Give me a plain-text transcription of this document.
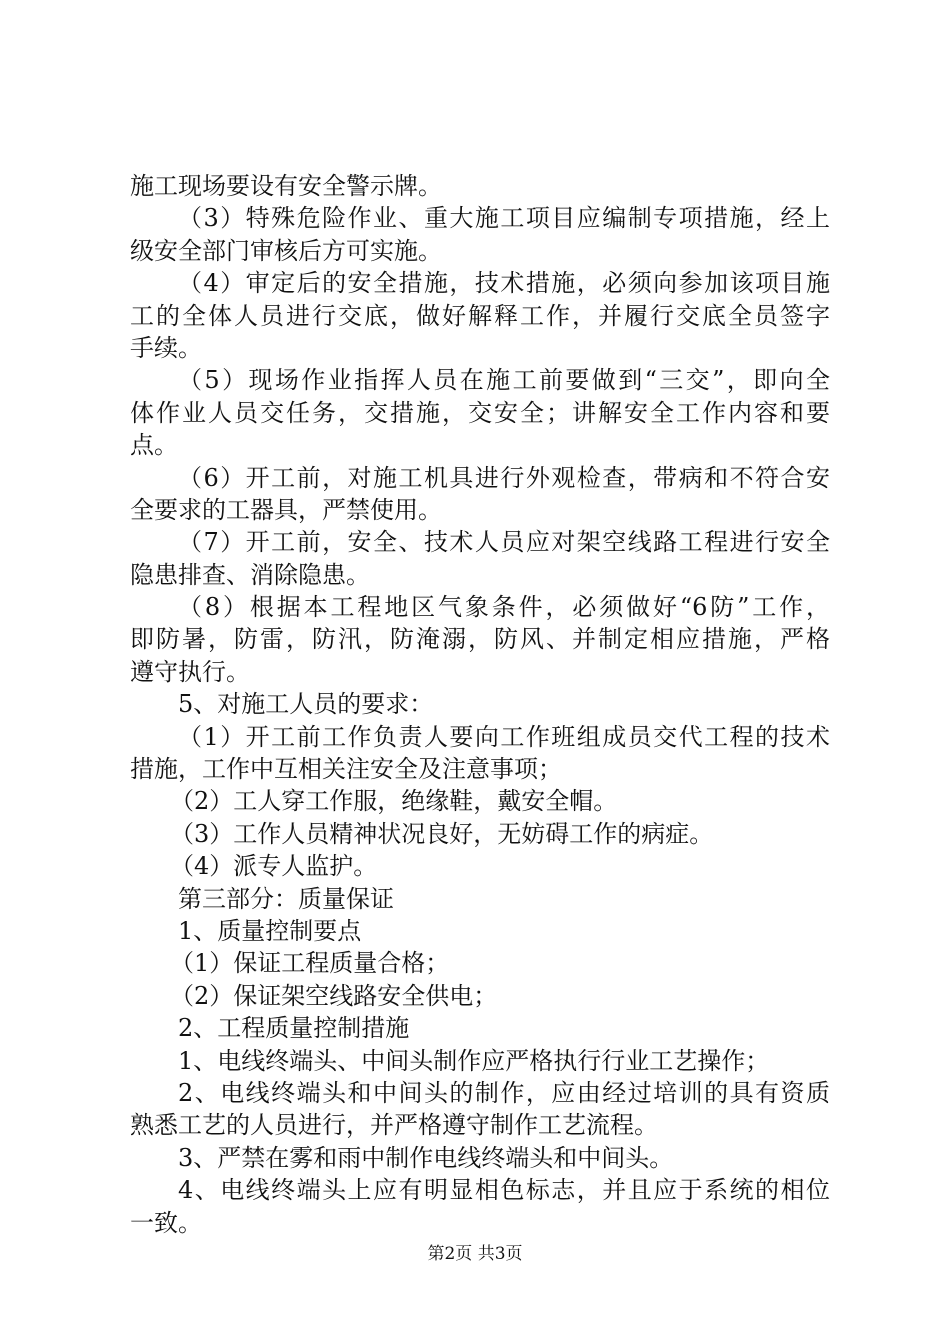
施工现场要设有安全警示牌。
（3）特殊危险作业、重大施工项目应编制专项措施，经上
级安全部门审核后方可实施。
（4）审定后的安全措施，技术措施，必须向参加该项目施
工的全体人员进行交底，做好解释工作，并履行交底全员签字
手续。
（5）现场作业指挥人员在施工前要做到“三交”，即向全
体作业人员交任务，交措施，交安全；讲解安全工作内容和要
点。
（6）开工前，对施工机具进行外观检查，带病和不符合安
全要求的工器具，严禁使用。
（7）开工前，安全、技术人员应对架空线路工程进行安全
隐患排查、消除隐患。
（8）根据本工程地区气象条件，必须做好“6防”工作，
即防暑，防雷，防汛，防淹溺，防风、并制定相应措施，严格
遵守执行。
5、对施工人员的要求：
（1）开工前工作负责人要向工作班组成员交代工程的技术
措施，工作中互相关注安全及注意事项；
（2）工人穿工作服，绝缘鞋，戴安全帽。
（3）工作人员精神状况良好，无妨碍工作的病症。
（4）派专人监护。
第三部分：质量保证
1、质量控制要点
（1）保证工程质量合格；
（2）保证架空线路安全供电；
2、工程质量控制措施
1、电线终端头、中间头制作应严格执行行业工艺操作；
2、电线终端头和中间头的制作，应由经过培训的具有资质
熟悉工艺的人员进行，并严格遵守制作工艺流程。
3、严禁在雾和雨中制作电线终端头和中间头。
4、电线终端头上应有明显相色标志，并且应于系统的相位
一致。
第2页 共3页
